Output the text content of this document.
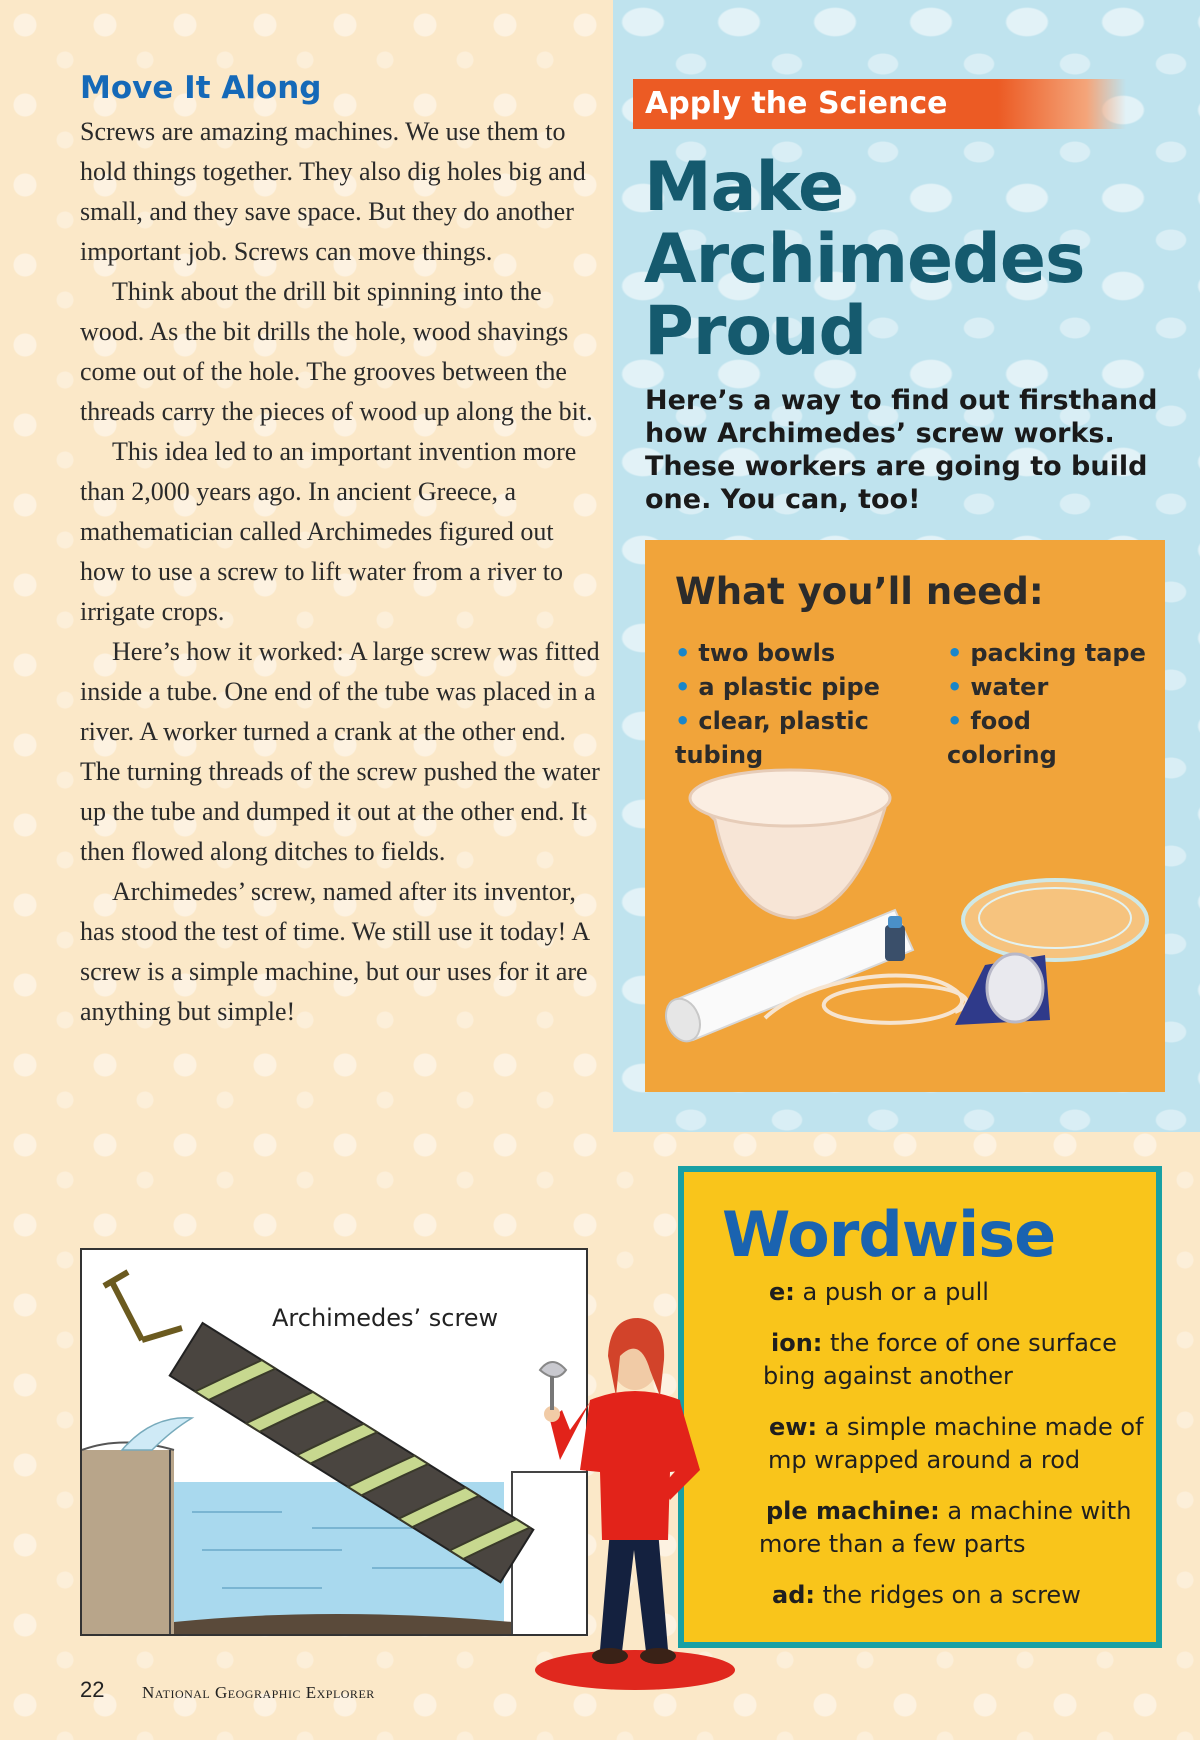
Move It Along

Screws are amazing machines. We use them to hold things together. They also dig holes big and small, and they save space. But they do another important job. Screws can move things.

Think about the drill bit spinning into the wood. As the bit drills the hole, wood shavings come out of the hole. The grooves between the threads carry the pieces of wood up along the bit.

This idea led to an important invention more than 2,000 years ago. In ancient Greece, a mathematician called Archimedes figured out how to use a screw to lift water from a river to irrigate crops.

Here’s how it worked: A large screw was fitted inside a tube. One end of the tube was placed in a river. A worker turned a crank at the other end. The turning threads of the screw pushed the water up the tube and dumped it out at the other end. It then flowed along ditches to fields.

Archimedes’ screw, named after its inventor, has stood the test of time. We still use it today! A screw is a simple machine, but our uses for it are anything but simple!

Apply the Science
Make
Archimedes
Proud

Here’s a way to find out firsthand how Archimedes’ screw works. These workers are going to build one. You can, too!

What you’ll need:
• two bowls	• packing tape
• a plastic pipe	• water
• clear, plastic tubing
• food coloring
Archimedes’ screw
Wordwise

e: a push or a pull

ion: the force of one surface

bing against another

ew: a simple machine made of

mp wrapped around a rod

ple machine: a machine with

more than a few parts

ad: the ridges on a screw

22 National Geographic Explorer
